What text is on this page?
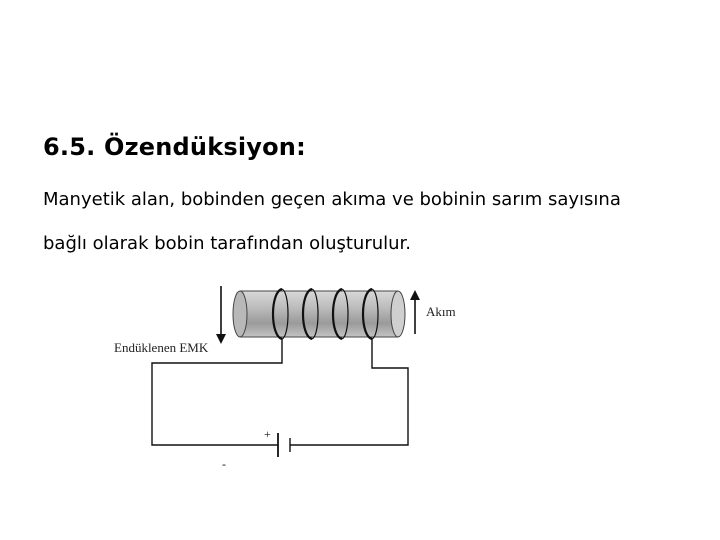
6.5. Özendüksiyon:
Manyetik alan, bobinden geçen akıma ve bobinin sarım sayısına
bağlı olarak bobin tarafından oluşturulur.
Akım
Endüklenen EMK
+
-
